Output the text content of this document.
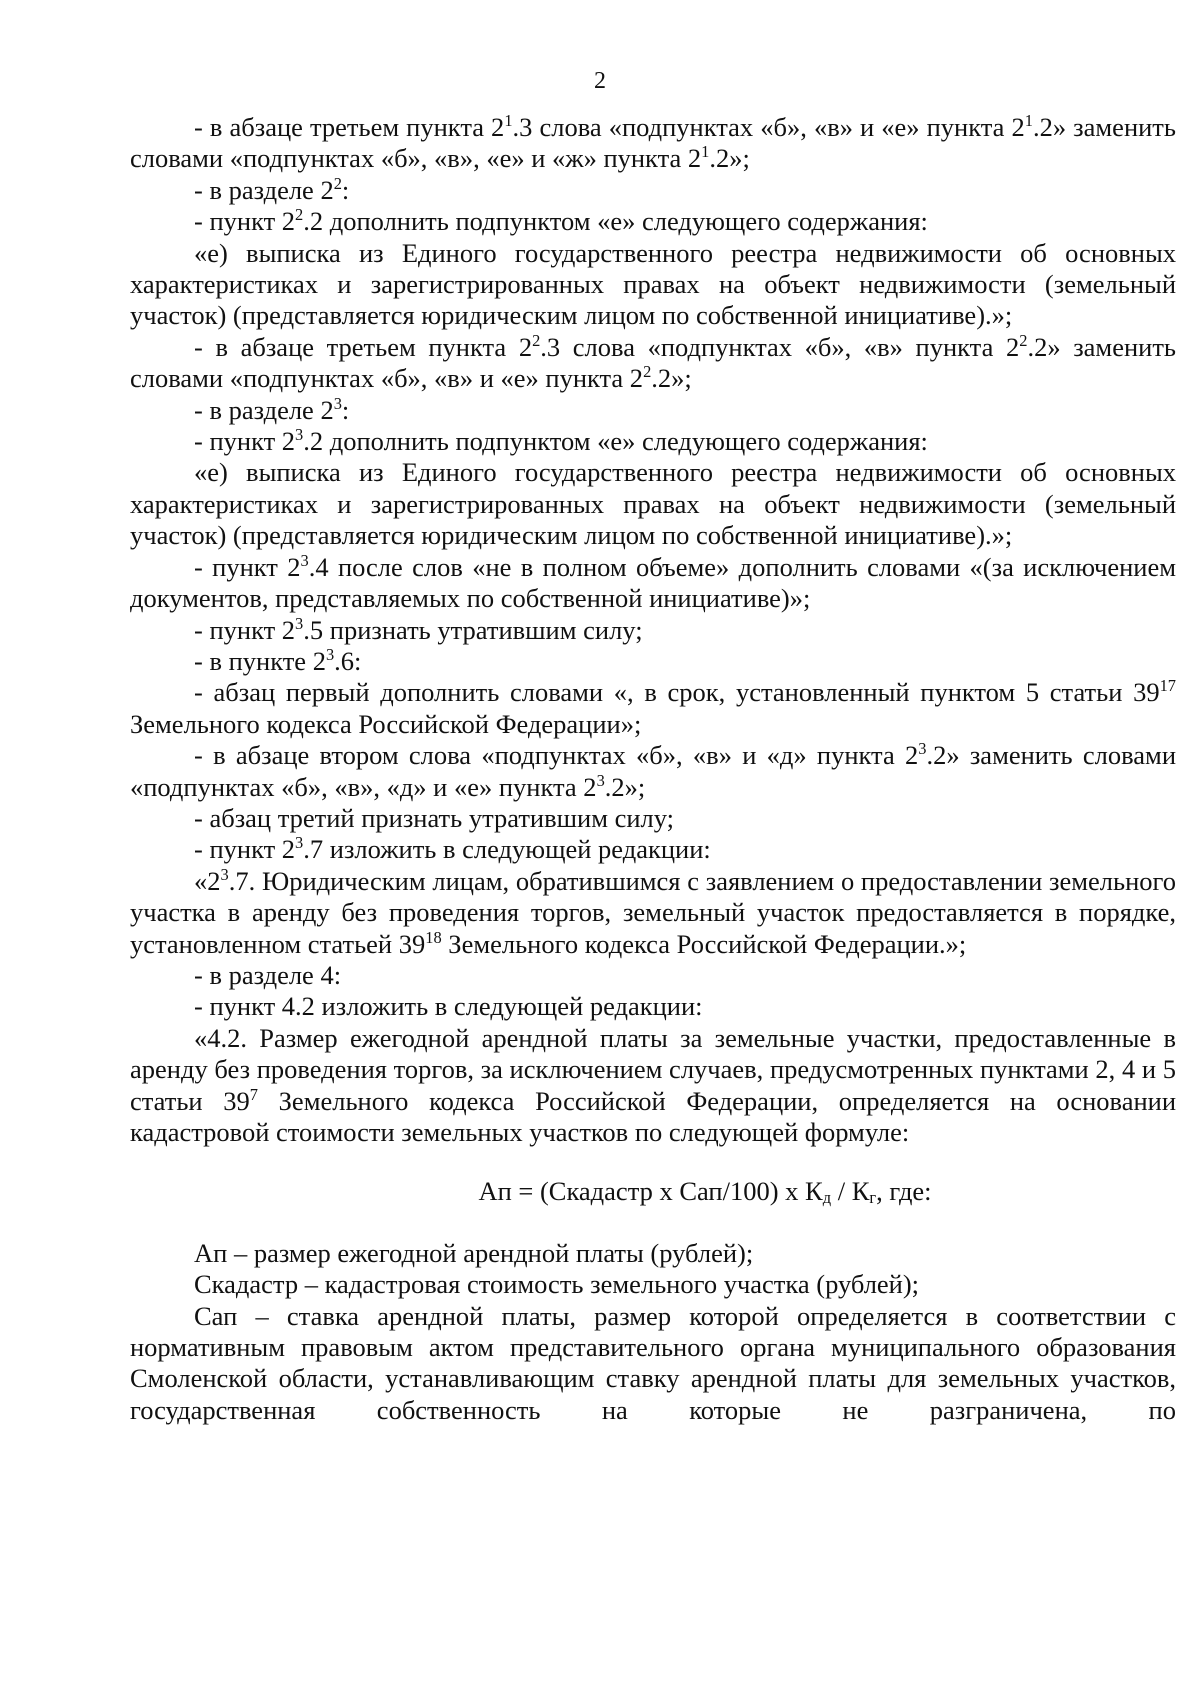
2

- в абзаце третьем пункта $2^1.3$ слова «подпунктах «б», «в» и «е» пункта $2^1.2$» заменить словами «подпунктах «б», «в», «е» и «ж» пункта $2^1.2$»;

- в разделе $2^2$:

- пункт $2^2.2$ дополнить подпунктом «е» следующего содержания:

«е) выписка из Единого государственного реестра недвижимости об основных характеристиках и зарегистрированных правах на объект недвижимости (земельный участок) (представляется юридическим лицом по собственной инициативе).»;

- в абзаце третьем пункта $2^2.3$ слова «подпунктах «б», «в» пункта $2^2.2$» заменить словами «подпунктах «б», «в» и «е» пункта $2^2.2$»;

- в разделе $2^3$:

- пункт $2^3.2$ дополнить подпунктом «е» следующего содержания:

«е) выписка из Единого государственного реестра недвижимости об основных характеристиках и зарегистрированных правах на объект недвижимости (земельный участок) (представляется юридическим лицом по собственной инициативе).»;

- пункт $2^3.4$ после слов «не в полном объеме» дополнить словами «(за исключением документов, представляемых по собственной инициативе)»;

- пункт $2^3.5$ признать утратившим силу;

- в пункте $2^3.6$:

- абзац первый дополнить словами «, в срок, установленный пунктом 5 статьи $39^{17}$ Земельного кодекса Российской Федерации»;

- в абзаце втором слова «подпунктах «б», «в» и «д» пункта $2^3.2$» заменить словами «подпунктах «б», «в», «д» и «е» пункта $2^3.2$»;

- абзац третий признать утратившим силу;

- пункт $2^3.7$ изложить в следующей редакции:

«$2^3.7$. Юридическим лицам, обратившимся с заявлением о предоставлении земельного участка в аренду без проведения торгов, земельный участок предоставляется в порядке, установленном статьей $39^{18}$ Земельного кодекса Российской Федерации.»;

- в разделе 4:

- пункт 4.2 изложить в следующей редакции:

«4.2. Размер ежегодной арендной платы за земельные участки, предоставленные в аренду без проведения торгов, за исключением случаев, предусмотренных пунктами 2, 4 и 5 статьи $39^7$ Земельного кодекса Российской Федерации, определяется на основании кадастровой стоимости земельных участков по следующей формуле:

Ап = (Скадастр х Сап/100) х $К_д / К_г$, где:

Ап – размер ежегодной арендной платы (рублей);

Скадастр – кадастровая стоимость земельного участка (рублей);

Сап – ставка арендной платы, размер которой определяется в соответствии с нормативным правовым актом представительного органа муниципального образования Смоленской области, устанавливающим ставку арендной платы для земельных участков, государственная собственность на которые не разграничена, по
